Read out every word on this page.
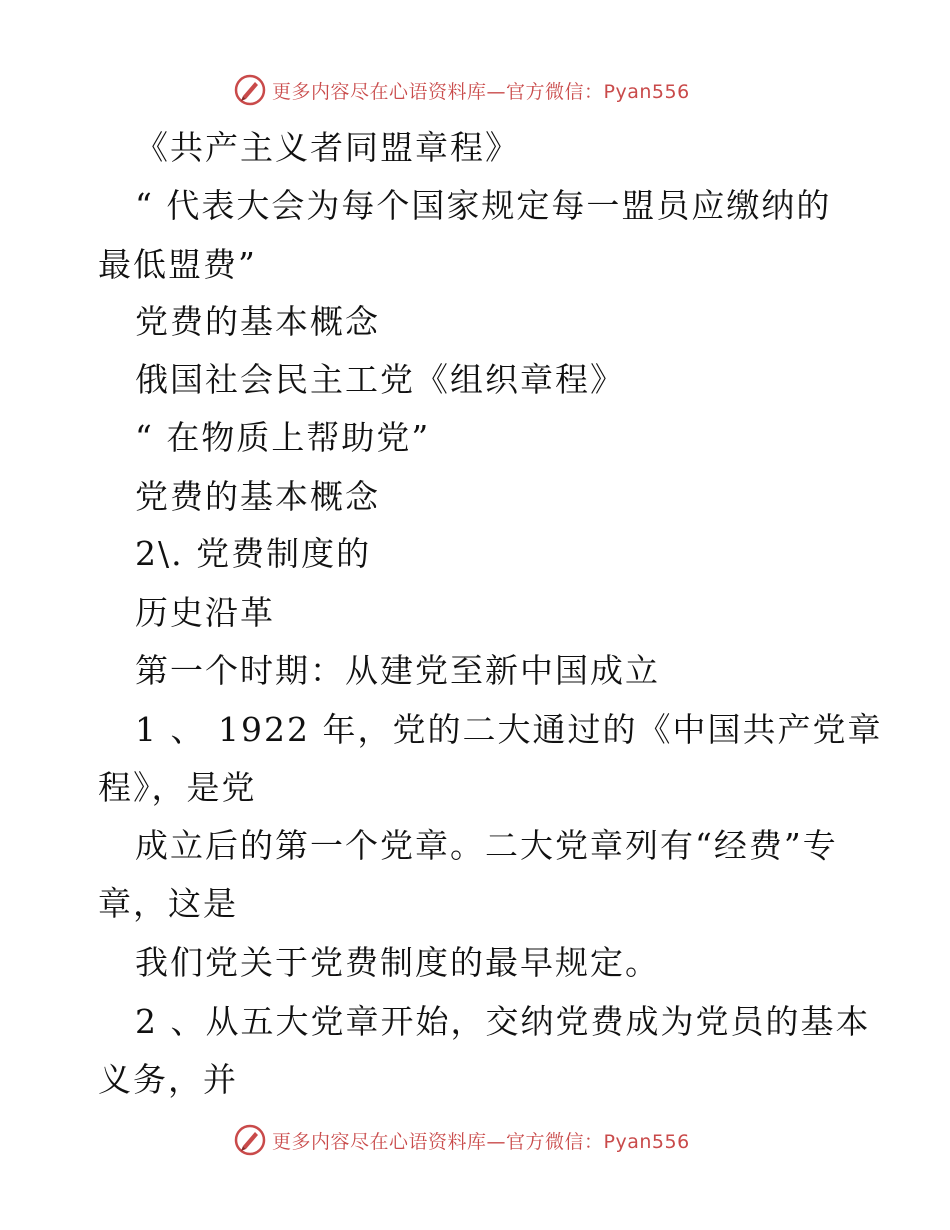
更多内容尽在心语资料库—官方微信：Pyan556
《共产主义者同盟章程》
“ 代表大会为每个国家规定每一盟员应缴纳的
最低盟费”
党费的基本概念
俄国社会民主工党《组织章程》
“ 在物质上帮助党”
党费的基本概念
2\. 党费制度的
历史沿革
第一个时期：从建党至新中国成立
1 、 1922 年，党的二大通过的《中国共产党章
程》，是党
成立后的第一个党章。二大党章列有“经费”专
章，这是
我们党关于党费制度的最早规定。
2 、从五大党章开始，交纳党费成为党员的基本
义务，并
更多内容尽在心语资料库—官方微信：Pyan556
